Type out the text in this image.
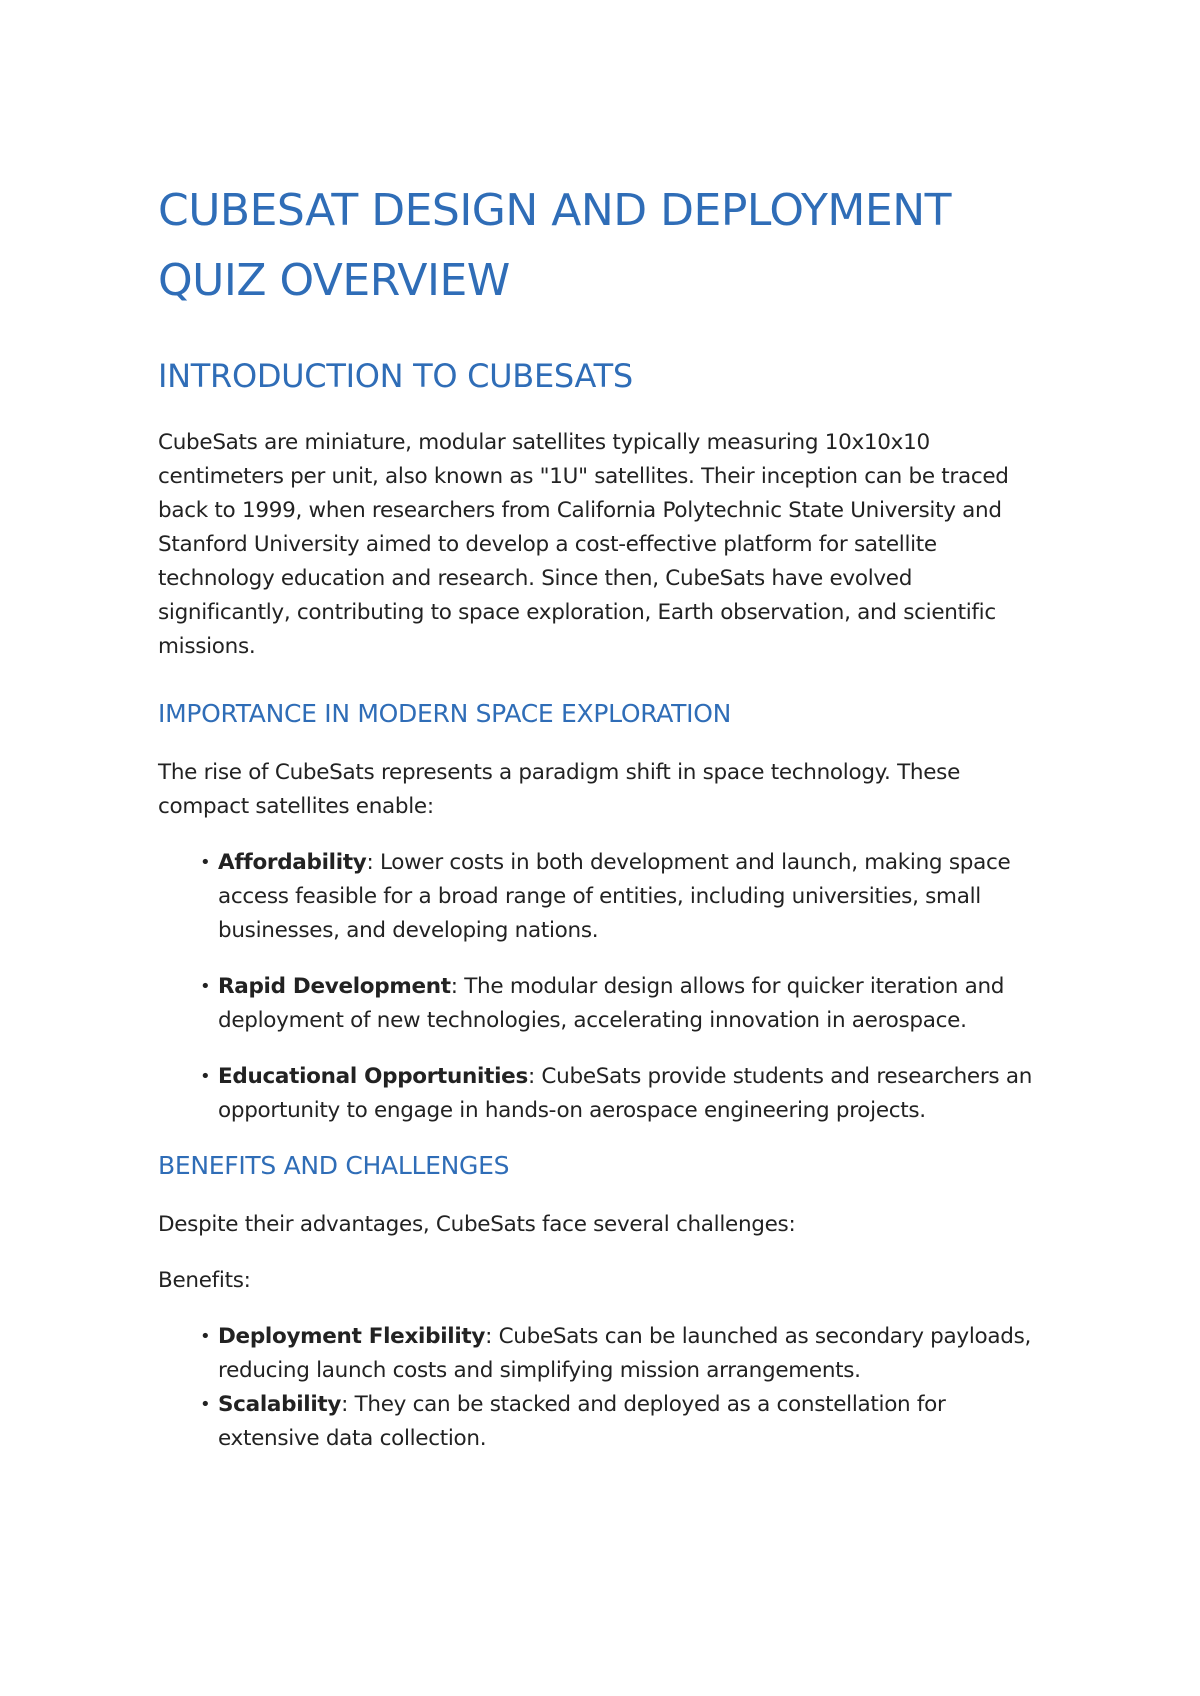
CUBESAT DESIGN AND DEPLOYMENT QUIZ OVERVIEW
INTRODUCTION TO CUBESATS

CubeSats are miniature, modular satellites typically measuring 10x10x10 centimeters per unit, also known as "1U" satellites. Their inception can be traced back to 1999, when researchers from California Polytechnic State University and Stanford University aimed to develop a cost-effective platform for satellite technology education and research. Since then, CubeSats have evolved significantly, contributing to space exploration, Earth observation, and scientific missions.

IMPORTANCE IN MODERN SPACE EXPLORATION

The rise of CubeSats represents a paradigm shift in space technology. These compact satellites enable:

• Affordability: Lower costs in both development and launch, making space access feasible for a broad range of entities, including universities, small businesses, and developing nations.
• Rapid Development: The modular design allows for quicker iteration and deployment of new technologies, accelerating innovation in aerospace.
• Educational Opportunities: CubeSats provide students and researchers an opportunity to engage in hands-on aerospace engineering projects.
BENEFITS AND CHALLENGES

Despite their advantages, CubeSats face several challenges:

Benefits:

• Deployment Flexibility: CubeSats can be launched as secondary payloads, reducing launch costs and simplifying mission arrangements.
• Scalability: They can be stacked and deployed as a constellation for extensive data collection.
